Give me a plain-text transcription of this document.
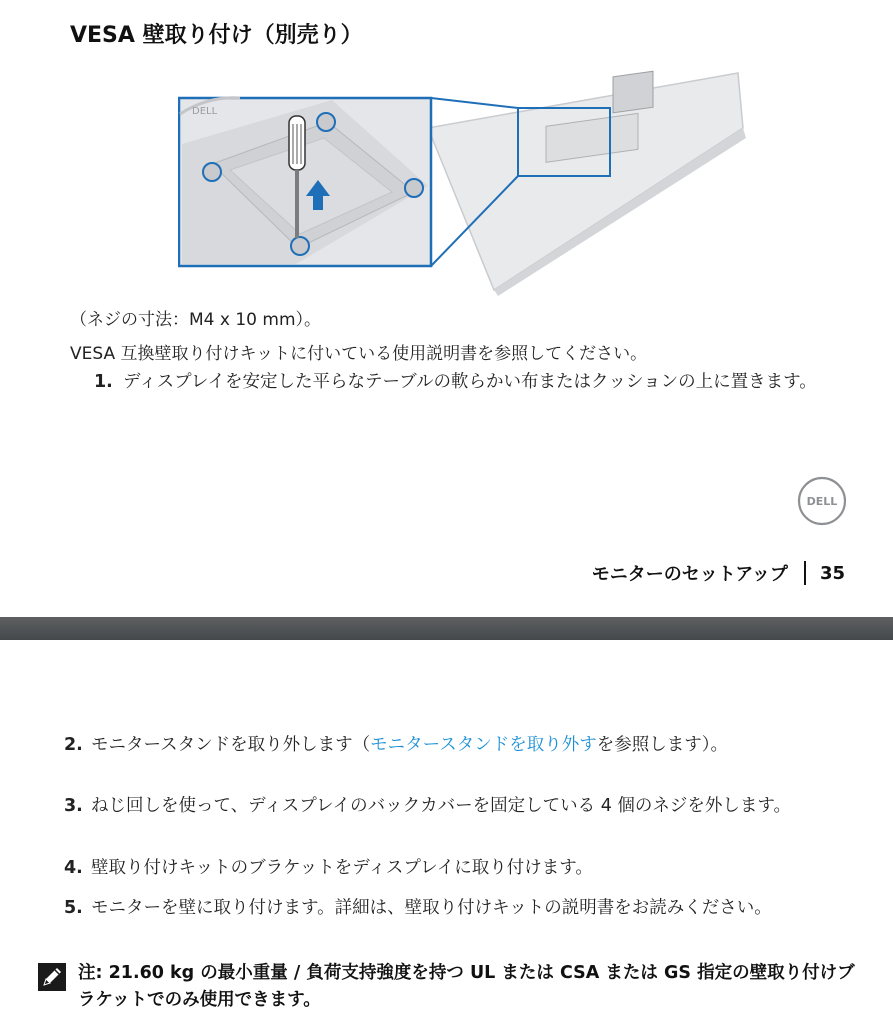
VESA 壁取り付け（別売り）
DELL
（ネジの寸法：M4 x 10 mm）。
VESA 互換壁取り付けキットに付いている使用説明書を参照してください。
1. ディスプレイを安定した平らなテーブルの軟らかい布またはクッションの上に置きます。
DELL
モニターのセットアップ 35
2. モニタースタンドを取り外します（モニタースタンドを取り外すを参照します）。
3. ねじ回しを使って、ディスプレイのバックカバーを固定している 4 個のネジを外します。
4. 壁取り付けキットのブラケットをディスプレイに取り付けます。
5. モニターを壁に取り付けます。詳細は、壁取り付けキットの説明書をお読みください。
注: 21.60 kg の最小重量 / 負荷支持強度を持つ UL または CSA または GS 指定の壁取り付けブラケットでのみ使用できます。
